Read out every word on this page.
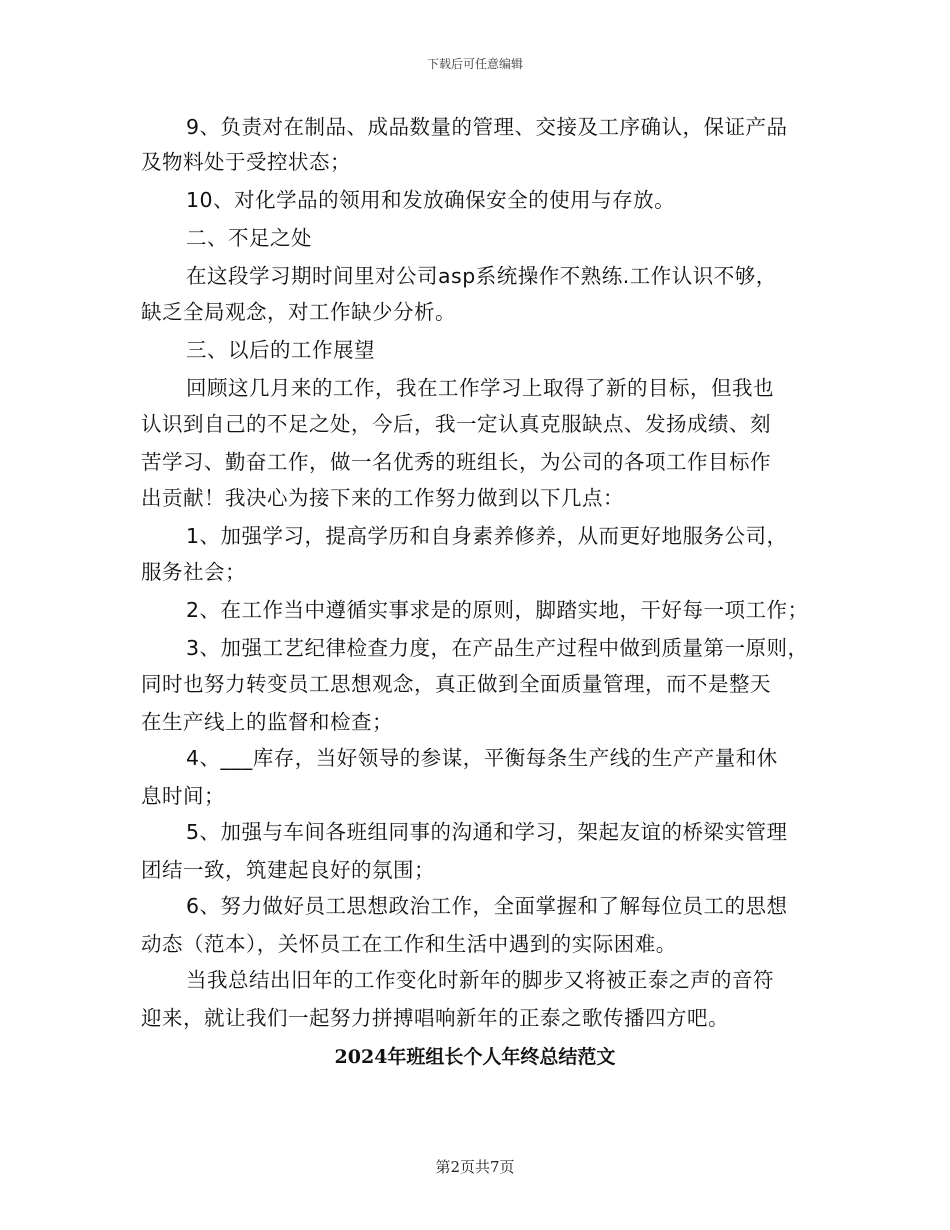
下载后可任意编辑
9、负责对在制品、成品数量的管理、交接及工序确认，保证产品
及物料处于受控状态；
10、对化学品的领用和发放确保安全的使用与存放。
二、不足之处
在这段学习期时间里对公司asp系统操作不熟练.工作认识不够，
缺乏全局观念，对工作缺少分析。
三、以后的工作展望
回顾这几月来的工作，我在工作学习上取得了新的目标，但我也
认识到自己的不足之处，今后，我一定认真克服缺点、发扬成绩、刻
苦学习、勤奋工作，做一名优秀的班组长，为公司的各项工作目标作
出贡献！我决心为接下来的工作努力做到以下几点：
1、加强学习，提高学历和自身素养修养，从而更好地服务公司，
服务社会；
2、在工作当中遵循实事求是的原则，脚踏实地，干好每一项工作；
3、加强工艺纪律检查力度，在产品生产过程中做到质量第一原则，
同时也努力转变员工思想观念，真正做到全面质量管理，而不是整天
在生产线上的监督和检查；
4、___库存，当好领导的参谋，平衡每条生产线的生产产量和休
息时间；
5、加强与车间各班组同事的沟通和学习，架起友谊的桥梁实管理
团结一致，筑建起良好的氛围；
6、努力做好员工思想政治工作，全面掌握和了解每位员工的思想
动态（范本），关怀员工在工作和生活中遇到的实际困难。
当我总结出旧年的工作变化时新年的脚步又将被正泰之声的音符
迎来，就让我们一起努力拼搏唱响新年的正泰之歌传播四方吧。
2024年班组长个人年终总结范文
第2页共7页
